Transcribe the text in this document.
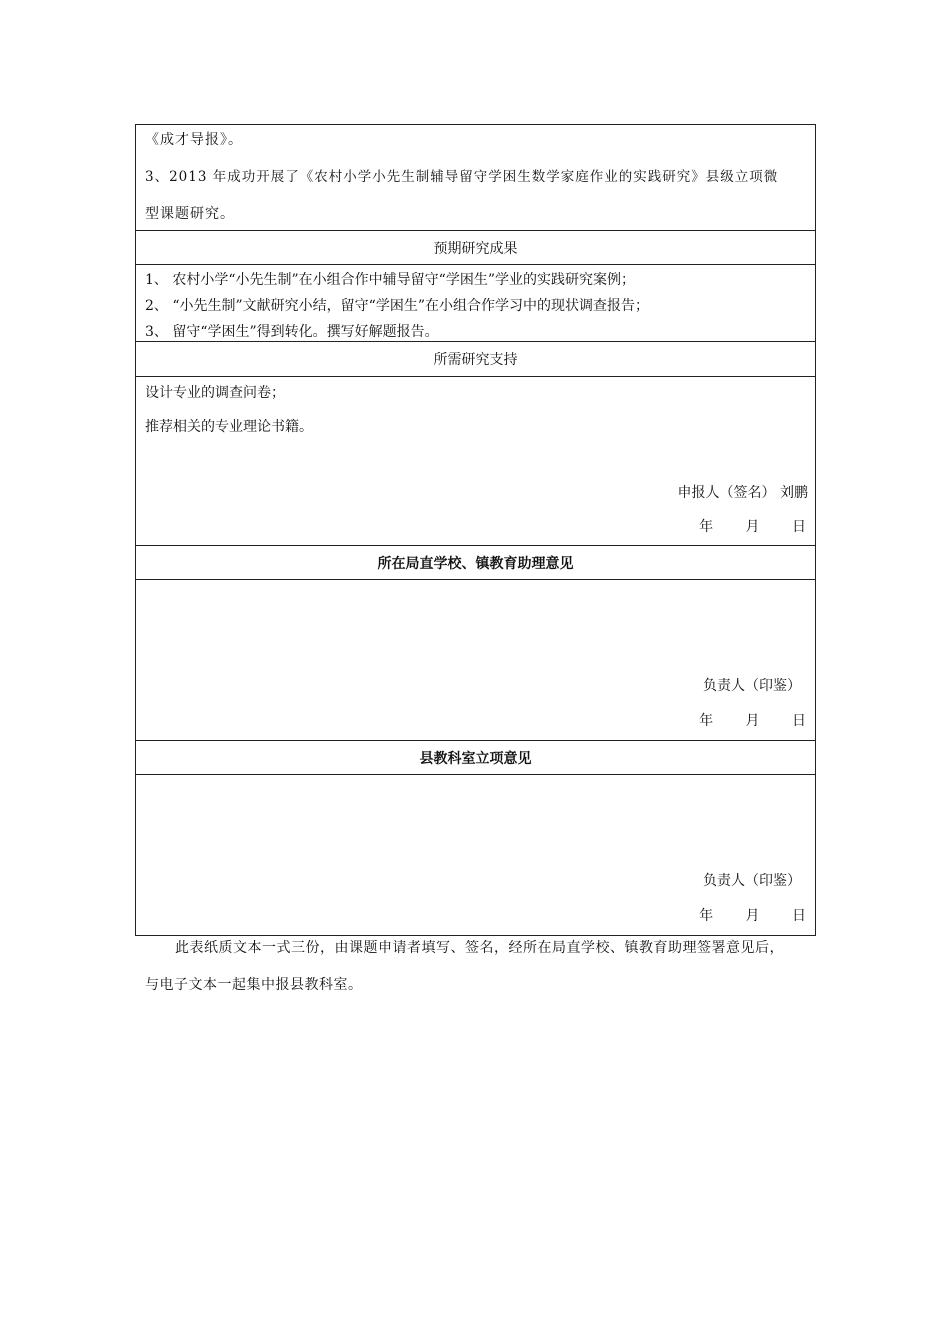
《成才导报》。
3、2013 年成功开展了《农村小学小先生制辅导留守学困生数学家庭作业的实践研究》县级立项微
型课题研究。

预期研究成果

1、 农村小学“小先生制”在小组合作中辅导留守“学困生”学业的实践研究案例；
2、 “小先生制”文献研究小结，留守“学困生”在小组合作学习中的现状调查报告；
3、 留守“学困生”得到转化。撰写好解题报告。

所需研究支持

设计专业的调查问卷；
推荐相关的专业理论书籍。
申报人（签名） 刘鹏
年 月 日

所在局直学校、镇教育助理意见

负责人（印鉴）
年 月 日

县教科室立项意见

负责人（印鉴）
年 月 日
此表纸质文本一式三份，由课题申请者填写、签名，经所在局直学校、镇教育助理签署意见后，
与电子文本一起集中报县教科室。
